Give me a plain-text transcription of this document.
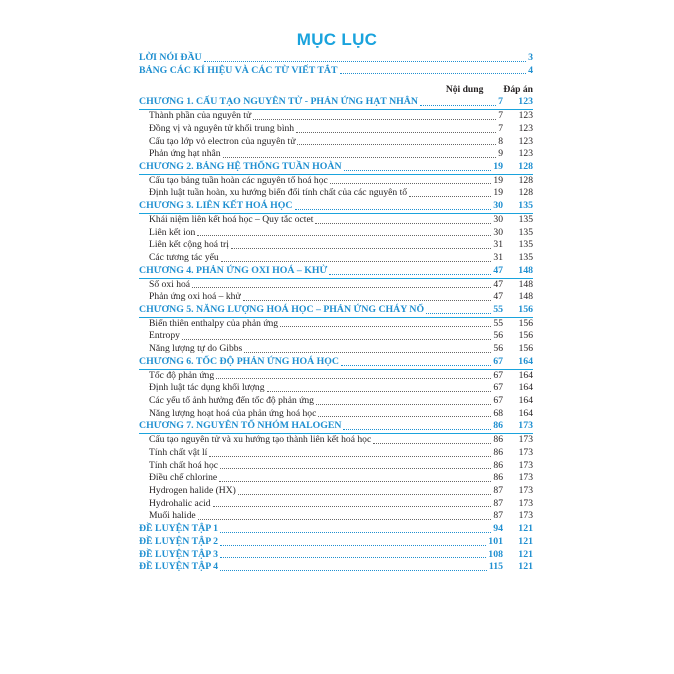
MỤC LỤC
LỜI NÓI ĐẦU	3
BẢNG CÁC KÍ HIỆU VÀ CÁC TỪ VIẾT TẮT	4
Nội dung Đáp án
CHƯƠNG 1. CẤU TẠO NGUYÊN TỬ - PHẢN ỨNG HẠT NHÂN	7	123
Thành phần của nguyên tử	7	123
Đồng vị và nguyên tử khối trung bình	7	123
Cấu tạo lớp vỏ electron của nguyên tử	8	123
Phản ứng hạt nhân	9	123
CHƯƠNG 2. BẢNG HỆ THỐNG TUẦN HOÀN	19	128
Cấu tạo bảng tuần hoàn các nguyên tố hoá học	19	128
Định luật tuần hoàn, xu hướng biến đổi tính chất của các nguyên tố	19	128
CHƯƠNG 3. LIÊN KẾT HOÁ HỌC	30	135
Khái niệm liên kết hoá học – Quy tắc octet	30	135
Liên kết ion	30	135
Liên kết cộng hoá trị	31	135
Các tương tác yếu	31	135
CHƯƠNG 4. PHẢN ỨNG OXI HOÁ – KHỬ	47	148
Số oxi hoá	47	148
Phản ứng oxi hoá – khử	47	148
CHƯƠNG 5. NĂNG LƯỢNG HOÁ HỌC – PHẢN ỨNG CHÁY NỔ	55	156
Biến thiên enthalpy của phản ứng	55	156
Entropy	56	156
Năng lượng tự do Gibbs	56	156
CHƯƠNG 6. TỐC ĐỘ PHẢN ỨNG HOÁ HỌC	67	164
Tốc độ phản ứng	67	164
Định luật tác dụng khối lượng	67	164
Các yếu tố ảnh hưởng đến tốc độ phản ứng	67	164
Năng lượng hoạt hoá của phản ứng hoá học	68	164
CHƯƠNG 7. NGUYÊN TỐ NHÓM HALOGEN	86	173
Cấu tạo nguyên tử và xu hướng tạo thành liên kết hoá học	86	173
Tính chất vật lí	86	173
Tính chất hoá học	86	173
Điều chế chlorine	86	173
Hydrogen halide (HX)	87	173
Hydrohalic acid	87	173
Muối halide	87	173
ĐỀ LUYỆN TẬP 1	94	121
ĐỀ LUYỆN TẬP 2	101	121
ĐỀ LUYỆN TẬP 3	108	121
ĐỀ LUYỆN TẬP 4	115	121
